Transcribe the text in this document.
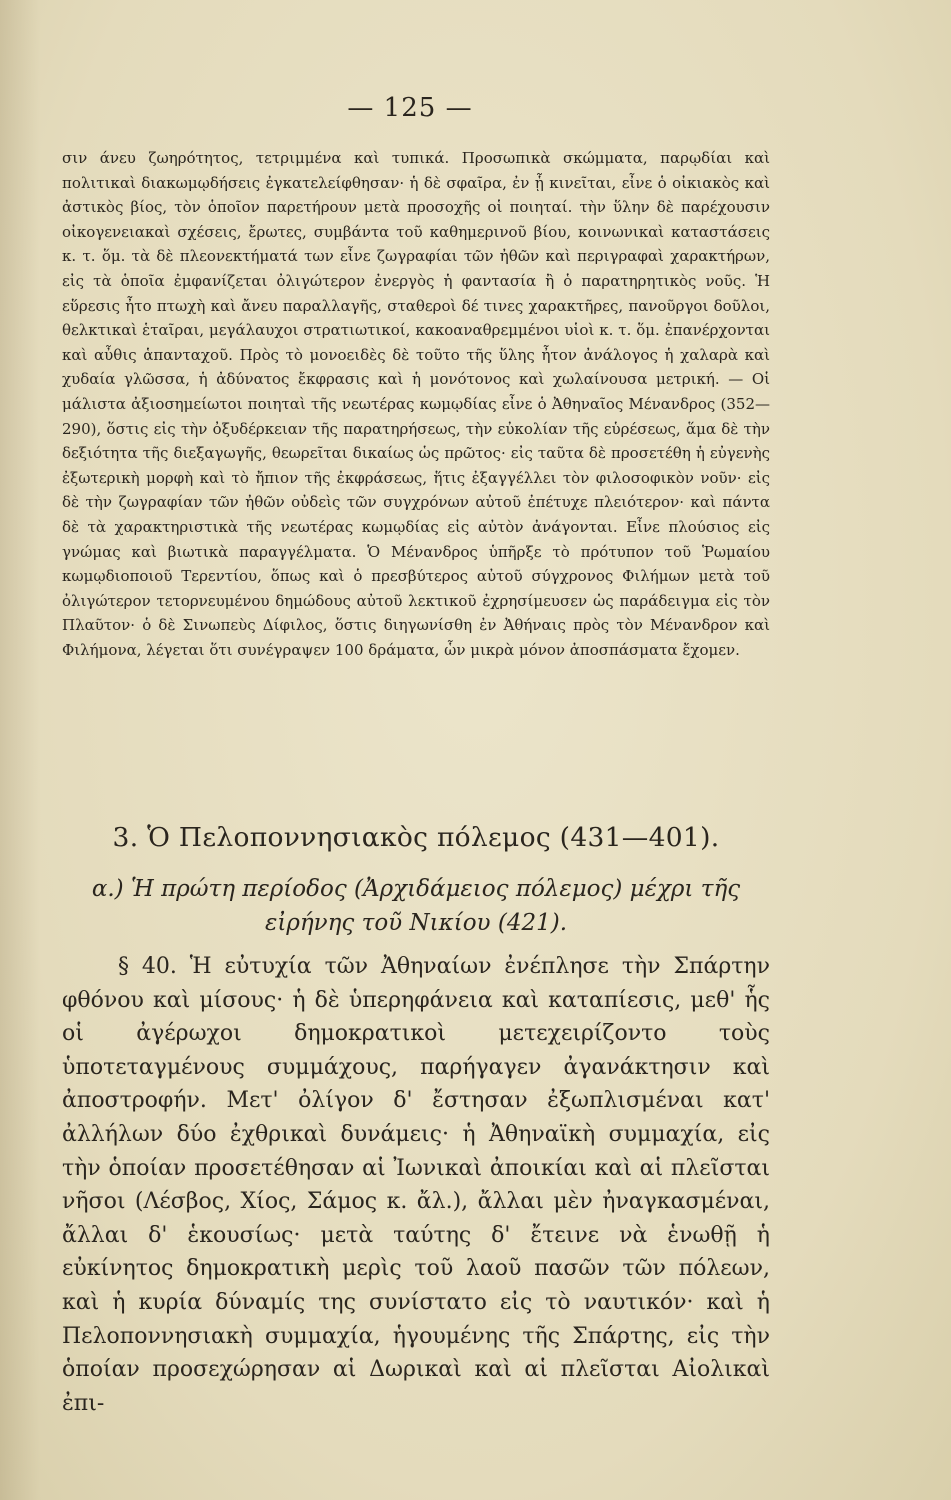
— 125 —

σιν άνευ ζωηρότητος, τετριμμένα καὶ τυπικά. Προσωπικὰ σκώμματα, παρῳδίαι καὶ πολιτικαὶ διακωμῳδήσεις ἐγκατελείφθησαν· ἡ δὲ σφαῖρα, ἐν ᾗ κινεῖται, εἶνε ὁ οἰκιακὸς καὶ ἀστικὸς βίος, τὸν ὁποῖον παρετήρουν μετὰ προσοχῆς οἱ ποιηταί. τὴν ὕλην δὲ παρέχουσιν οἰκογενειακαὶ σχέσεις, ἔρωτες, συμβάντα τοῦ καθημερινοῦ βίου, κοινωνικαὶ καταστάσεις κ. τ. ὅμ. τὰ δὲ πλεονεκτήματά των εἶνε ζωγραφίαι τῶν ἠθῶν καὶ περιγραφαὶ χαρακτήρων, εἰς τὰ ὁποῖα ἐμφανίζεται ὀλιγώτερον ἐνεργὸς ἡ φαντασία ἢ ὁ παρατηρητικὸς νοῦς. Ἡ εὕρεσις ἦτο πτωχὴ καὶ ἄνευ παραλλαγῆς, σταθεροὶ δέ τινες χαρακτῆρες, πανοῦργοι δοῦλοι, θελκτικαὶ ἑταῖραι, μεγάλαυχοι στρατιωτικοί, κακοαναθρεμμένοι υἱοὶ κ. τ. ὅμ. ἐπανέρχονται καὶ αὖθις ἁπανταχοῦ. Πρὸς τὸ μονοειδὲς δὲ τοῦτο τῆς ὕλης ἦτον ἀνάλογος ἡ χαλαρὰ καὶ χυδαία γλῶσσα, ἡ ἀδύνατος ἔκφρασις καὶ ἡ μονότονος καὶ χωλαίνουσα μετρική. — Οἱ μάλιστα ἀξιοσημείωτοι ποιηταὶ τῆς νεωτέρας κωμῳδίας εἶνε ὁ Ἀθηναῖος Μένανδρος (352—290), ὅστις εἰς τὴν ὀξυδέρκειαν τῆς παρατηρήσεως, τὴν εὐκολίαν τῆς εὑρέσεως, ἅμα δὲ τὴν δεξιότητα τῆς διεξαγωγῆς, θεωρεῖται δικαίως ὡς πρῶτος· εἰς ταῦτα δὲ προσετέθη ἡ εὐγενὴς ἐξωτερικὴ μορφὴ καὶ τὸ ἤπιον τῆς ἐκφράσεως, ἥτις ἐξαγγέλλει τὸν φιλοσοφικὸν νοῦν· εἰς δὲ τὴν ζωγραφίαν τῶν ἠθῶν οὐδεὶς τῶν συγχρόνων αὐτοῦ ἐπέτυχε πλειότερον· καὶ πάντα δὲ τὰ χαρακτηριστικὰ τῆς νεωτέρας κωμῳδίας εἰς αὐτὸν ἀνάγονται. Εἶνε πλούσιος εἰς γνώμας καὶ βιωτικὰ παραγγέλματα. Ὁ Μένανδρος ὑπῆρξε τὸ πρότυπον τοῦ Ῥωμαίου κωμῳδιοποιοῦ Τερεντίου, ὅπως καὶ ὁ πρεσβύτερος αὐτοῦ σύγχρονος Φιλήμων μετὰ τοῦ ὀλιγώτερον τετορνευμένου δημώδους αὐτοῦ λεκτικοῦ ἐχρησίμευσεν ὡς παράδειγμα εἰς τὸν Πλαῦτον· ὁ δὲ Σινωπεὺς Δίφιλος, ὅστις διηγωνίσθη ἐν Ἀθήναις πρὸς τὸν Μένανδρον καὶ Φιλήμονα, λέγεται ὅτι συνέγραψεν 100 δράματα, ὧν μικρὰ μόνον ἀποσπάσματα ἔχομεν.

3. Ὁ Πελοποννησιακὸς πόλεμος (431—401).
α.) Ἡ πρώτη περίοδος (Ἀρχιδάμειος πόλεμος) μέχρι τῆς εἰρήνης τοῦ Νικίου (421).

§ 40. Ἡ εὐτυχία τῶν Ἀθηναίων ἐνέπλησε τὴν Σπάρτην φθόνου καὶ μίσους· ἡ δὲ ὑπερηφάνεια καὶ καταπίεσις, μεθ' ἧς οἱ ἀγέρωχοι δημοκρατικοὶ μετεχειρίζοντο τοὺς ὑποτεταγμένους συμμάχους, παρήγαγεν ἀγανάκτησιν καὶ ἀποστροφήν. Μετ' ὀλίγον δ' ἔστησαν ἐξωπλισμέναι κατ' ἀλλήλων δύο ἐχθρικαὶ δυνάμεις· ἡ Ἀθηναϊκὴ συμμαχία, εἰς τὴν ὁποίαν προσετέθησαν αἱ Ἰωνικαὶ ἀποικίαι καὶ αἱ πλεῖσται νῆσοι (Λέσβος, Χίος, Σάμος κ. ἄλ.), ἄλλαι μὲν ἠναγκασμέναι, ἄλλαι δ' ἑκουσίως· μετὰ ταύτης δ' ἔτεινε νὰ ἑνωθῇ ἡ εὐκίνητος δημοκρατικὴ μερὶς τοῦ λαοῦ πασῶν τῶν πόλεων, καὶ ἡ κυρία δύναμίς της συνίστατο εἰς τὸ ναυτικόν· καὶ ἡ Πελοποννησιακὴ συμμαχία, ἡγουμένης τῆς Σπάρτης, εἰς τὴν ὁποίαν προσεχώρησαν αἱ Δωρικαὶ καὶ αἱ πλεῖσται Αἰολικαὶ ἐπι-
